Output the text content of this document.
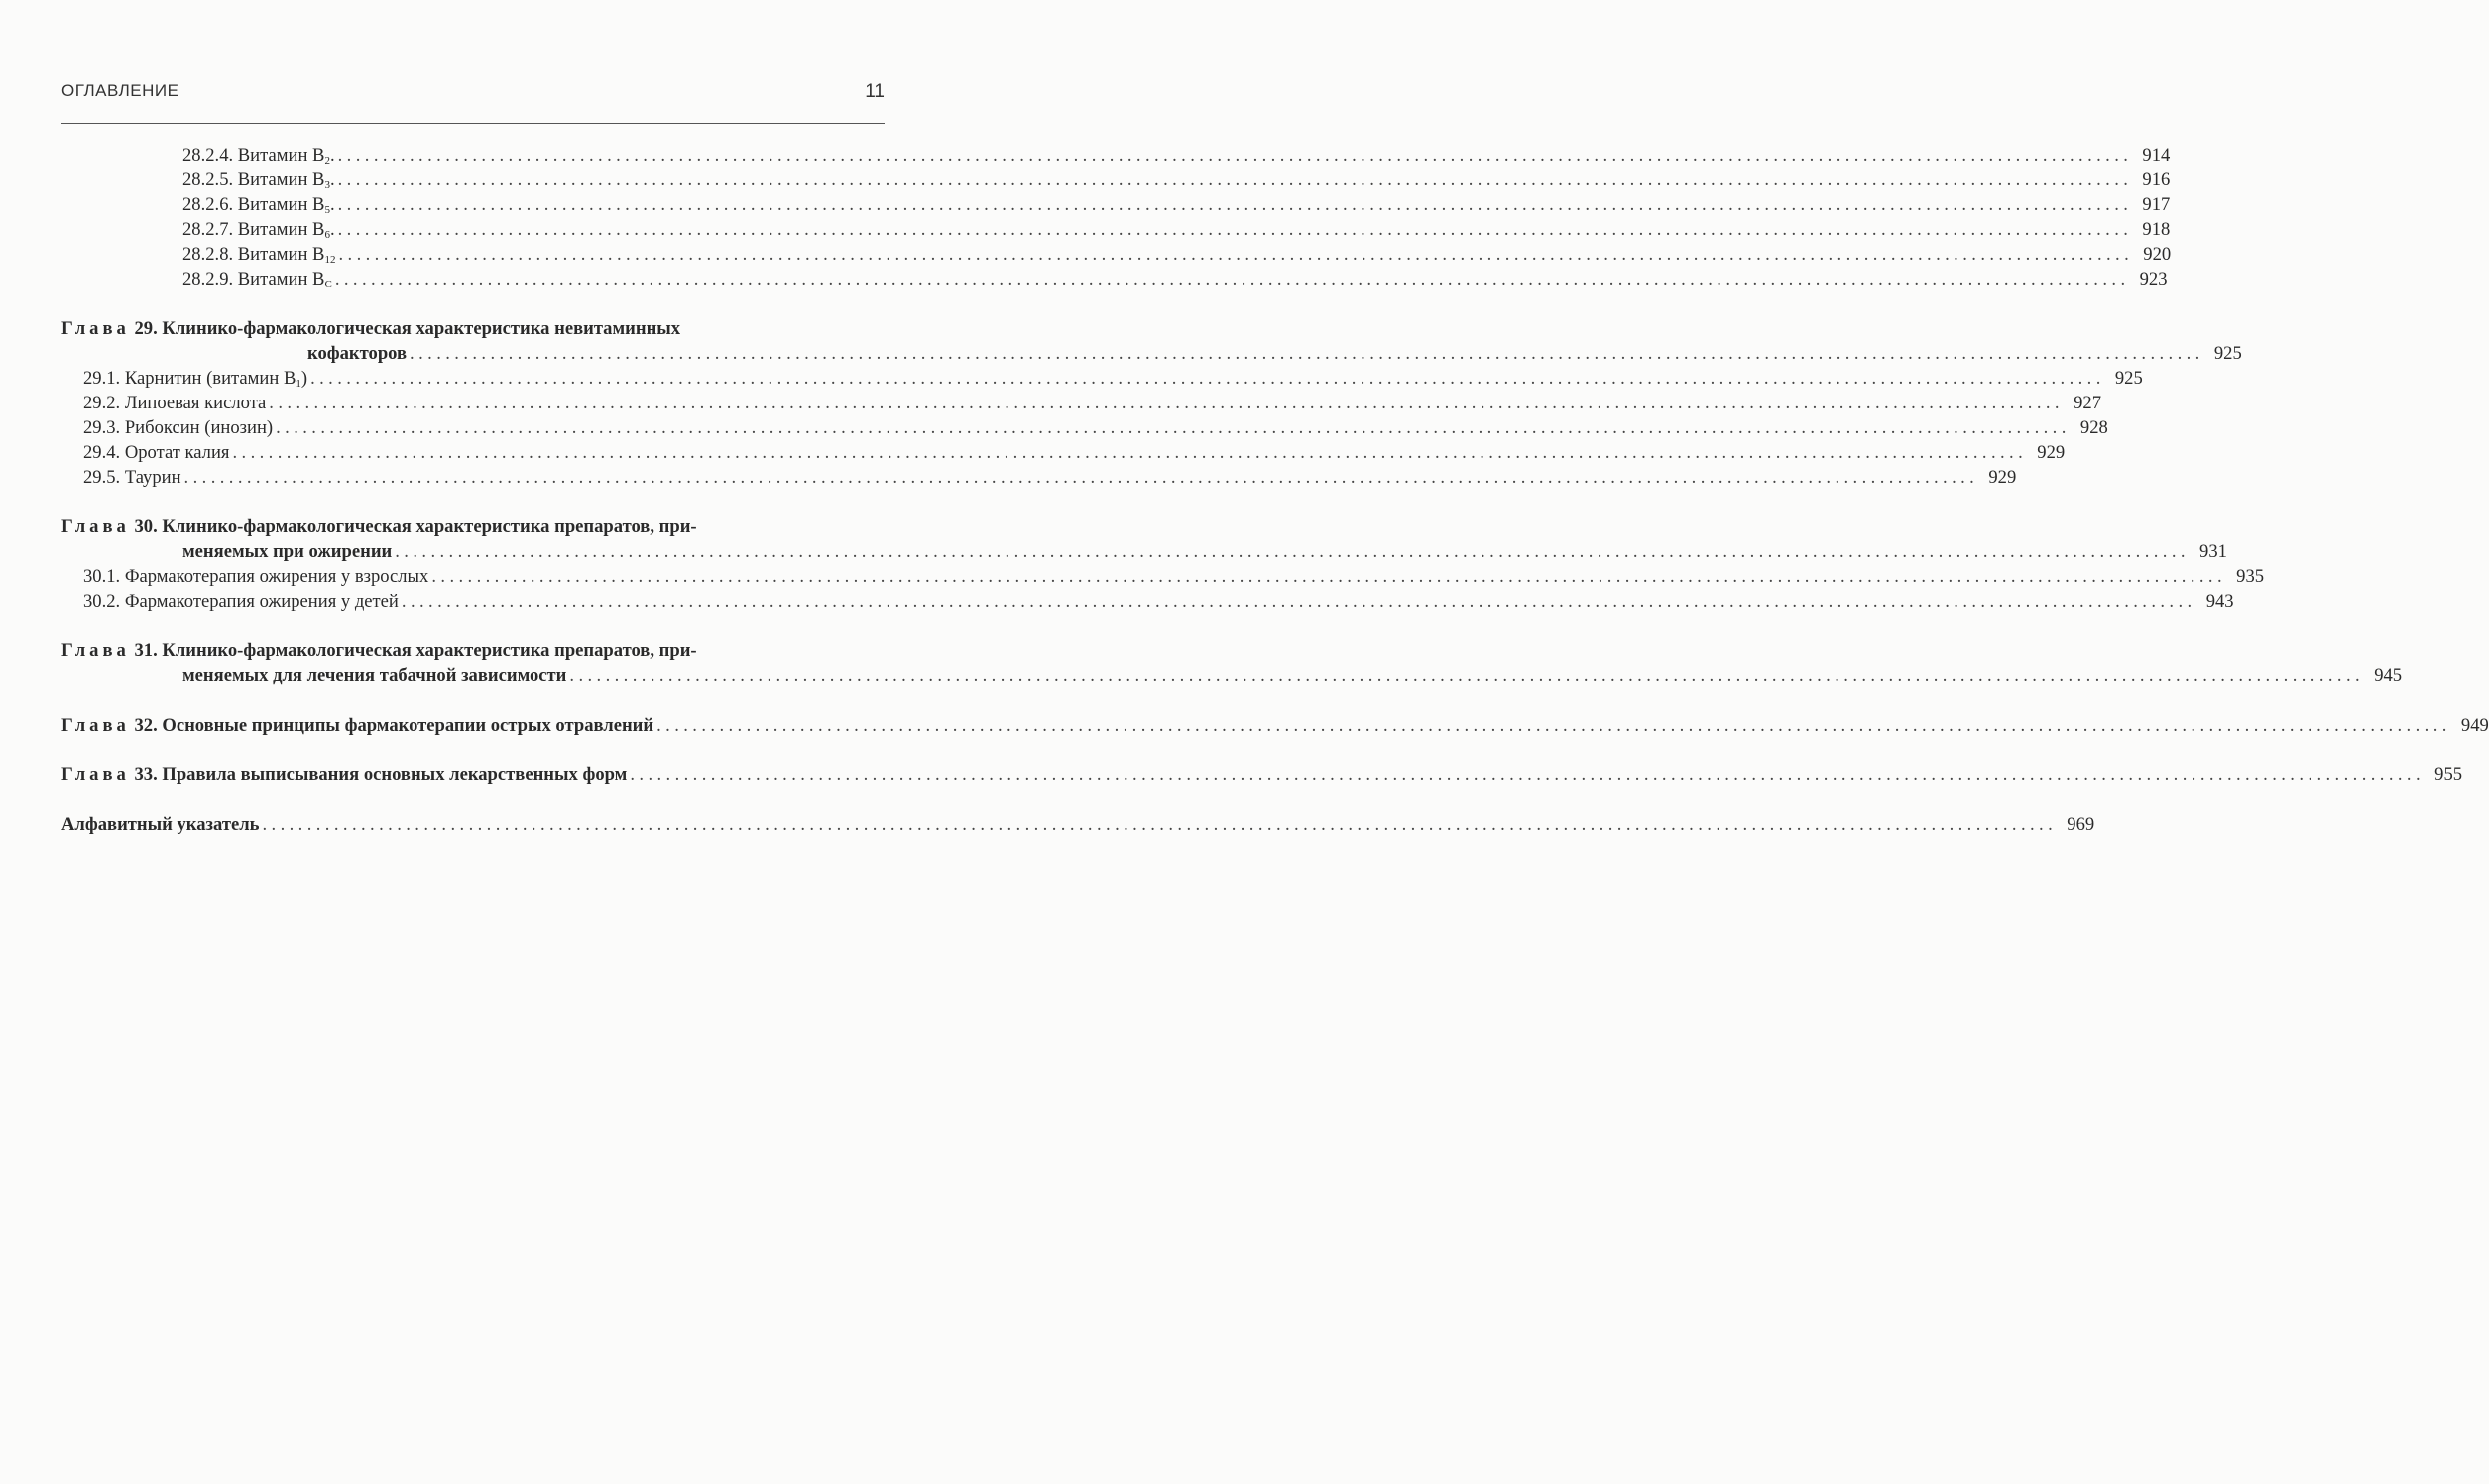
ОГЛАВЛЕНИЕ	11
28.2.4. Витамин $B_2$. ........................................................................................................................................................................................................ 914
28.2.5. Витамин $B_3$. ........................................................................................................................................................................................................ 916
28.2.6. Витамин $B_5$. ........................................................................................................................................................................................................ 917
28.2.7. Витамин $B_6$. ........................................................................................................................................................................................................ 918
28.2.8. Витамин $B_{12}$ ........................................................................................................................................................................................................ 920
28.2.9. Витамин $B_C$ ........................................................................................................................................................................................................ 923
Глава 29. Клинико-фармакологическая характеристика невитаминных
кофакторов ........................................................................................................................................................................................................ 925
29.1. Карнитин (витамин $B_1$) ........................................................................................................................................................................................................ 925
29.2. Липоевая кислота ........................................................................................................................................................................................................ 927
29.3. Рибоксин (инозин) ........................................................................................................................................................................................................ 928
29.4. Оротат калия ........................................................................................................................................................................................................ 929
29.5. Таурин ........................................................................................................................................................................................................ 929
Глава 30. Клинико-фармакологическая характеристика препаратов, при-
меняемых при ожирении ........................................................................................................................................................................................................ 931
30.1. Фармакотерапия ожирения у взрослых ........................................................................................................................................................................................................ 935
30.2. Фармакотерапия ожирения у детей ........................................................................................................................................................................................................ 943
Глава 31. Клинико-фармакологическая характеристика препаратов, при-
меняемых для лечения табачной зависимости ........................................................................................................................................................................................................ 945
Глава 32. Основные принципы фармакотерапии острых отравлений ........................................................................................................................................................................................................ 949
Глава 33. Правила выписывания основных лекарственных форм ........................................................................................................................................................................................................ 955
Алфавитный указатель ........................................................................................................................................................................................................ 969
